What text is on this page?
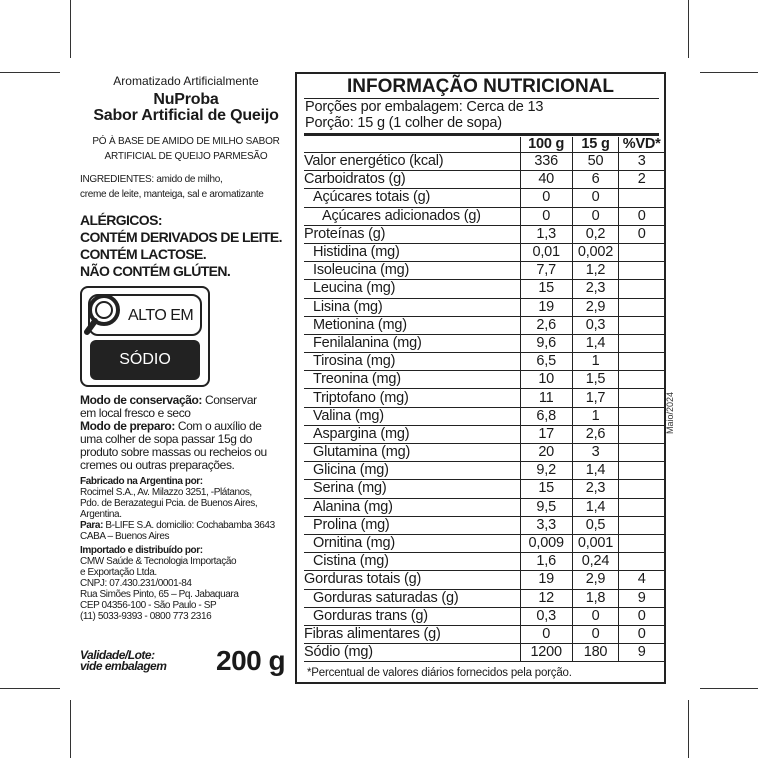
Aromatizado Artificialmente
NuProba
Sabor Artificial de Queijo
PÓ À BASE DE AMIDO DE MILHO SABOR
ARTIFICIAL DE QUEIJO PARMESÃO
INGREDIENTES: amido de milho,
creme de leite, manteiga, sal e aromatizante
ALÉRGICOS:
CONTÉM DERIVADOS DE LEITE.
CONTÉM LACTOSE.
NÃO CONTÉM GLÚTEN.
ALTO EM
SÓDIO
Modo de conservação: Conservar
em local fresco e seco
Modo de preparo: Com o auxílio de
uma colher de sopa passar 15g do
produto sobre massas ou recheios ou
cremes ou outras preparações.
Fabricado na Argentina por:
Rocimel S.A., Av. Milazzo 3251, -Plátanos,
Pdo. de Berazategui Pcia. de Buenos Aires,
Argentina.
Para: B-LIFE S.A. domicilio: Cochabamba 3643
CABA – Buenos Aires
Importado e distribuído por:
CMW Saúde & Tecnologia Importação
e Exportação Ltda.
CNPJ: 07.430.231/0001-84
Rua Simões Pinto, 65 – Pq. Jabaquara
CEP 04356-100 - São Paulo - SP
(11) 5033-9393 - 0800 773 2316
Validade/Lote:
vide embalagem 200 g
Maio/2024
INFORMAÇÃO NUTRICIONAL
Porções por embalagem: Cerca de 13
Porção: 15 g (1 colher de sopa)
	100 g	15 g	%VD*
Valor energético (kcal)	336	50	3
Carboidratos (g)	40	6	2
Açúcares totais (g)	0	0	
Açúcares adicionados (g)	0	0	0
Proteínas (g)	1,3	0,2	0
Histidina (mg)	0,01	0,002	
Isoleucina (mg)	7,7	1,2	
Leucina (mg)	15	2,3	
Lisina (mg)	19	2,9	
Metionina (mg)	2,6	0,3	
Fenilalanina (mg)	9,6	1,4	
Tirosina (mg)	6,5	1	
Treonina (mg)	10	1,5	
Triptofano (mg)	11	1,7	
Valina (mg)	6,8	1	
Aspargina (mg)	17	2,6	
Glutamina (mg)	20	3	
Glicina (mg)	9,2	1,4	
Serina (mg)	15	2,3	
Alanina (mg)	9,5	1,4	
Prolina (mg)	3,3	0,5	
Ornitina (mg)	0,009	0,001	
Cistina (mg)	1,6	0,24	
Gorduras totais (g)	19	2,9	4
Gorduras saturadas (g)	12	1,8	9
Gorduras trans (g)	0,3	0	0
Fibras alimentares (g)	0	0	0
Sódio (mg)	1200	180	9
*Percentual de valores diários fornecidos pela porção.
